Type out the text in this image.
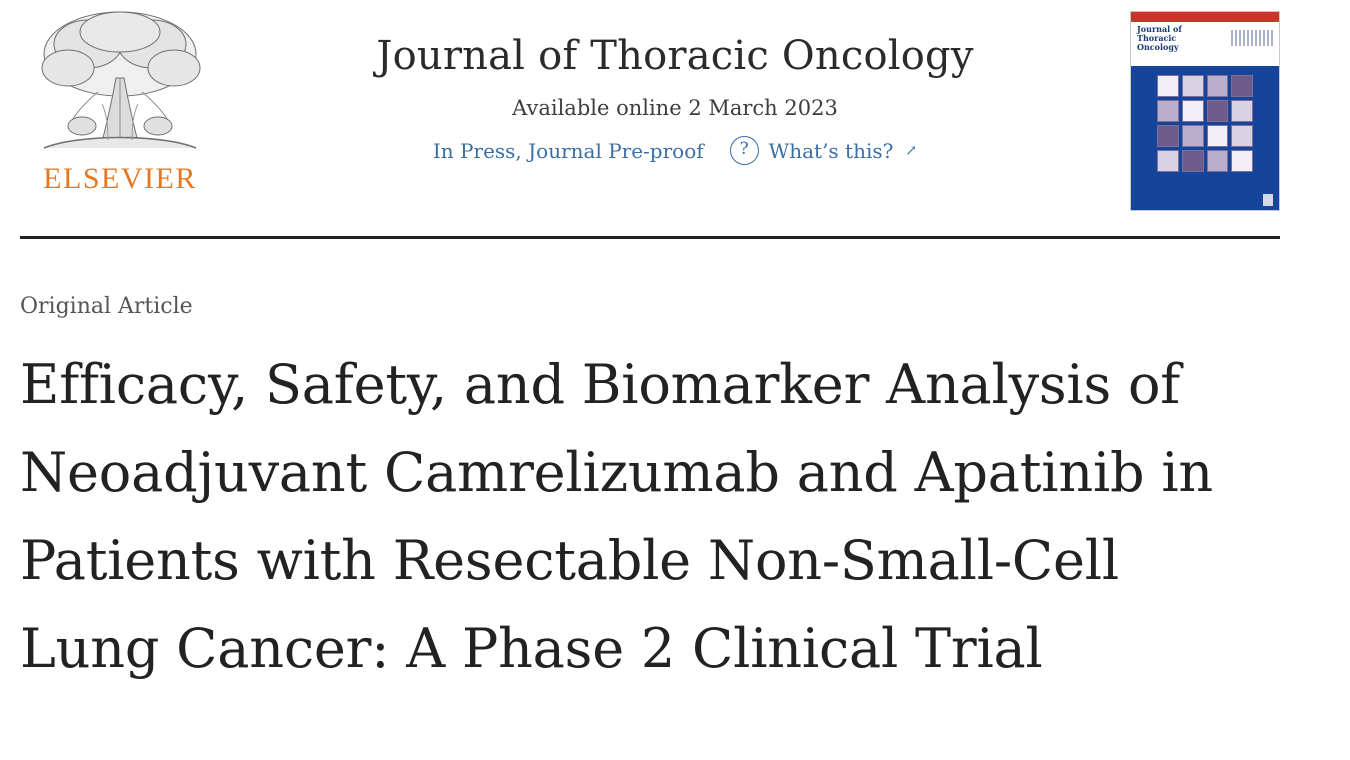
ELSEVIER
Journal of Thoracic Oncology
Available online 2 March 2023
In Press, Journal Pre-proof	? What’s this? ↗
Journal of Thoracic Oncology
Original Article
Efficacy, Safety, and Biomarker Analysis of Neoadjuvant Camrelizumab and Apatinib in Patients with Resectable Non-Small-Cell Lung Cancer: A Phase 2 Clinical Trial
